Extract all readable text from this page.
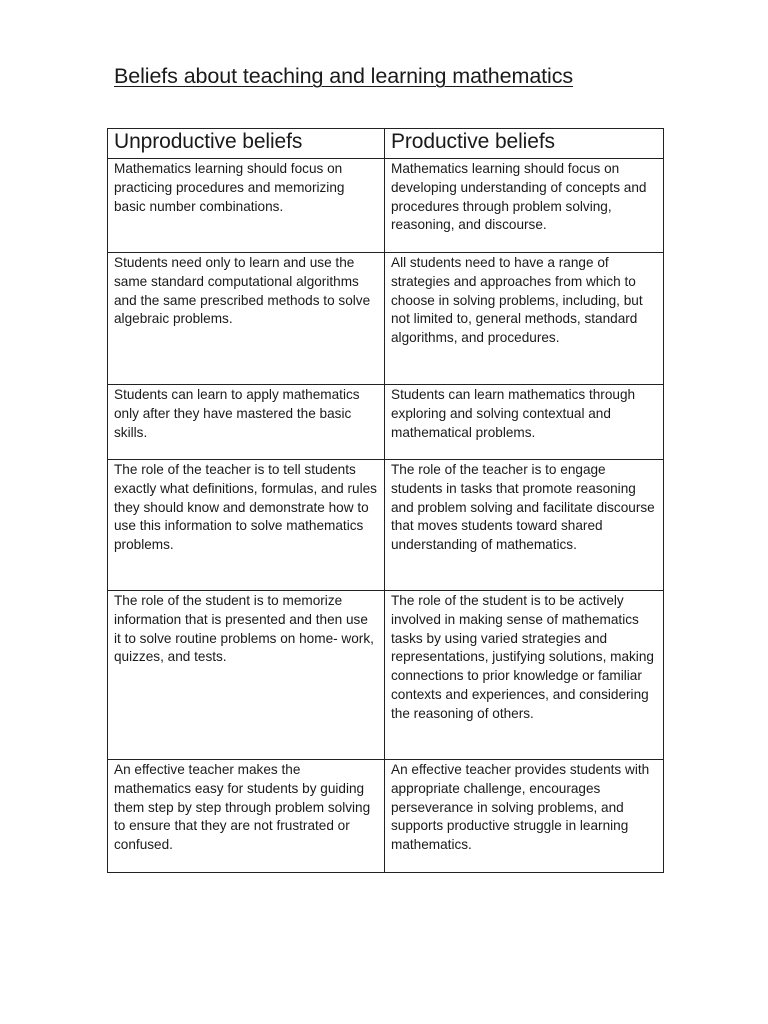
Beliefs about teaching and learning mathematics
Unproductive beliefs	Productive beliefs
Mathematics learning should focus on practicing procedures and memorizing basic number combinations.	Mathematics learning should focus on developing understanding of concepts and procedures through problem solving, reasoning, and discourse.
Students need only to learn and use the same standard computational algorithms and the same prescribed methods to solve algebraic problems.	All students need to have a range of strategies and approaches from which to choose in solving problems, including, but not limited to, general methods, standard algorithms, and procedures.
Students can learn to apply mathematics only after they have mastered the basic skills.	Students can learn mathematics through exploring and solving contextual and mathematical problems.
The role of the teacher is to tell students exactly what definitions, formulas, and rules they should know and demonstrate how to use this information to solve mathematics problems.	The role of the teacher is to engage students in tasks that promote reasoning and problem solving and facilitate discourse that moves students toward shared understanding of mathematics.
The role of the student is to memorize information that is presented and then use it to solve routine problems on home- work, quizzes, and tests.	The role of the student is to be actively involved in making sense of mathematics tasks by using varied strategies and representations, justifying solutions, making connections to prior knowledge or familiar contexts and experiences, and considering the reasoning of others.
An effective teacher makes the mathematics easy for students by guiding them step by step through problem solving to ensure that they are not frustrated or confused.	An effective teacher provides students with appropriate challenge, encourages perseverance in solving problems, and supports productive struggle in learning mathematics.
